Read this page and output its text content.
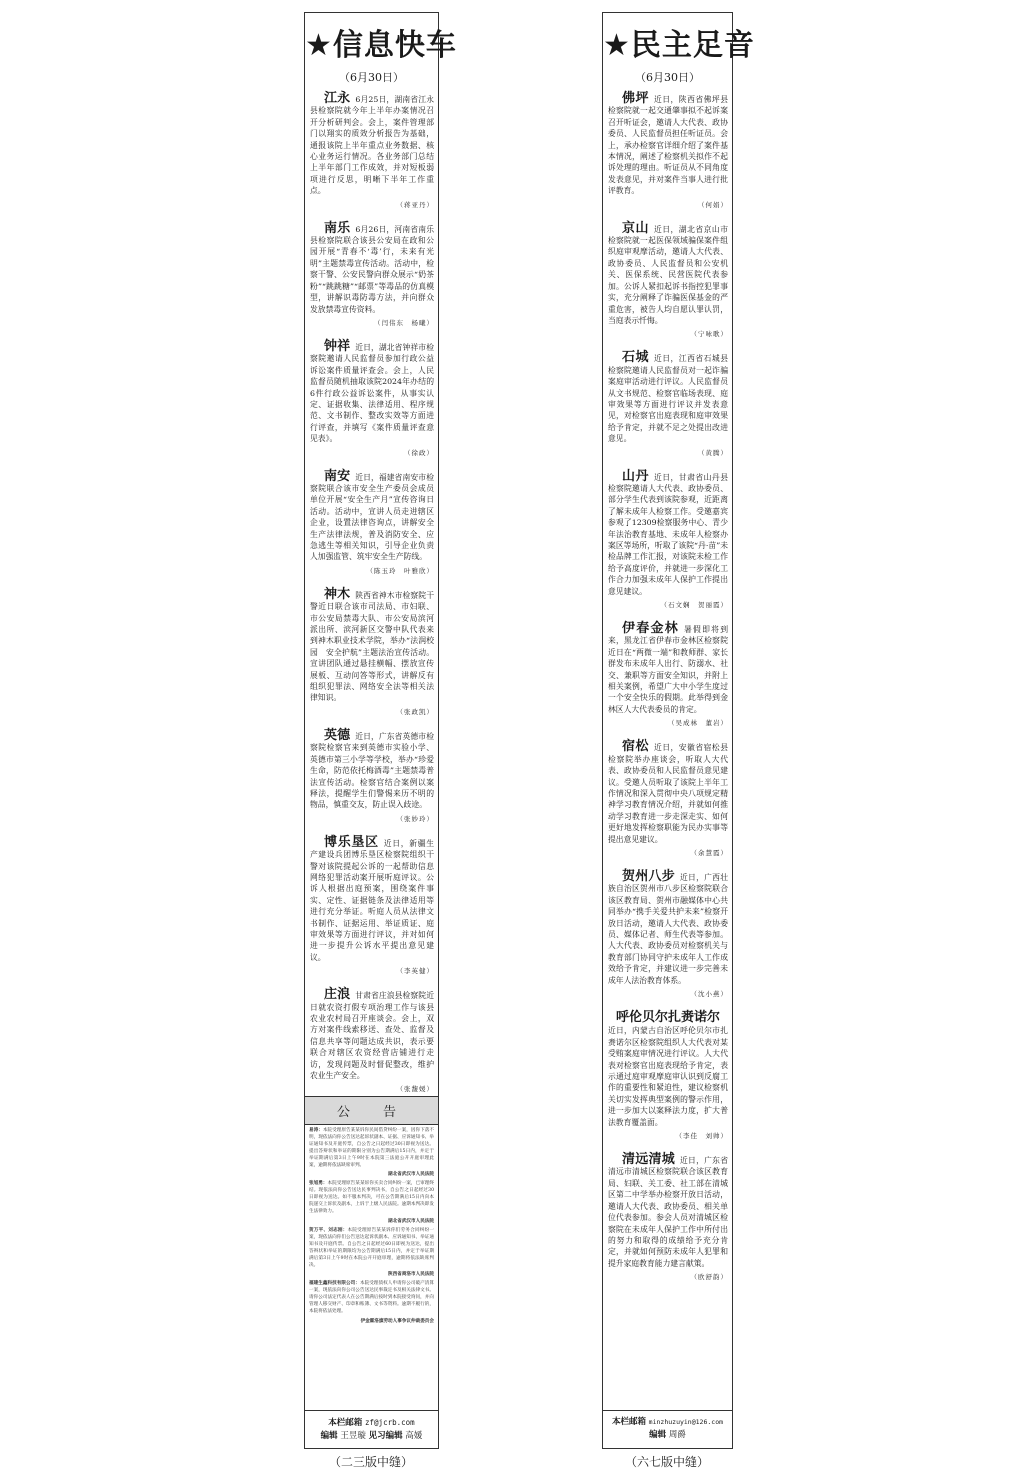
★信息快车
（6月30日）

江永 6月25日，湖南省江永县检察院就今年上半年办案情况召开分析研判会。会上，案件管理部门以翔实的质效分析报告为基础，通报该院上半年重点业务数据、核心业务运行情况。各业务部门总结上半年部门工作成效，并对短板弱项进行反思，明晰下半年工作重点。

（蒋亚丹）

南乐 6月26日，河南省南乐县检察院联合该县公安局在政和公园开展“青春不‘毒’行，未来有光明”主题禁毒宣传活动。活动中，检察干警、公安民警向群众展示“奶茶粉”“跳跳糖”“邮票”等毒品的仿真模型，讲解识毒防毒方法，并向群众发放禁毒宣传资料。

（闫伟东　杨曦）

钟祥 近日，湖北省钟祥市检察院邀请人民监督员参加行政公益诉讼案件质量评查会。会上，人民监督员随机抽取该院2024年办结的6件行政公益诉讼案件，从事实认定、证据收集、法律适用、程序规范、文书制作、整改实效等方面进行评查，并填写《案件质量评查意见表》。

（徐政）

南安 近日，福建省南安市检察院联合该市安全生产委员会成员单位开展“安全生产月”宣传咨询日活动。活动中，宣讲人员走进辖区企业，设置法律咨询点，讲解安全生产法律法规，普及消防安全、应急逃生等相关知识，引导企业负责人加强监管、筑牢安全生产防线。

（陈玉玲　叶雅欣）

神木 陕西省神木市检察院干警近日联合该市司法局、市妇联、市公安局禁毒大队、市公安局滨河派出所、滨河新区交警中队代表来到神木职业技术学院，举办“法润校园　安全护航”主题法治宣传活动。宣讲团队通过悬挂横幅、摆放宣传展板、互动问答等形式，讲解反有组织犯罪法、网络安全法等相关法律知识。

（张政凯）

英德 近日，广东省英德市检察院检察官来到英德市实验小学、英德市第三小学等学校，举办“珍爱生命，防范依托梅酒毒”主题禁毒普法宣传活动。检察官结合案例以案释法，提醒学生们警惕来历不明的物品，慎重交友，防止误入歧途。

（张妙玲）

博乐垦区 近日，新疆生产建设兵团博乐垦区检察院组织干警对该院提起公诉的一起帮助信息网络犯罪活动案开展听庭评议。公诉人根据出庭预案，围绕案件事实、定性、证据链条及法律适用等进行充分举证。听庭人员从法律文书制作、证据运用、举证质证、庭审效果等方面进行评议，并对如何进一步提升公诉水平提出意见建议。

（李英健）

庄浪 甘肃省庄浪县检察院近日就农资打假专项治理工作与该县农业农村局召开座谈会。会上，双方对案件线索移送、查处、监督及信息共享等问题达成共识，表示要联合对辖区农资经营店铺进行走访，发现问题及时督促整改，维护农业生产安全。

（张馥媛）
公　告

易涛：本院受理原告某某诉你民间借贷纠纷一案，因你下落不明，现依法向你公告送达起诉状副本、证据、应诉通知书、举证通知书及开庭传票，自公告之日起经过30日即视为送达。提出答辩状和举证的期限分别为公告期满后15日内，并定于举证期满后第3日上午9时在本院第三法庭公开开庭审理此案，逾期将依法缺席审判。

湖北省武汉市人民法院

张旭勇：本院受理原告某某诉你买卖合同纠纷一案，已审理终结。现依法向你公告送达民事判决书，自公告之日起经过30日即视为送达。如不服本判决，可在公告期满后15日内向本院递交上诉状及副本，上诉于上级人民法院。逾期本判决即发生法律效力。

湖北省武汉市人民法院

贺万平、刘志刚：本院受理原告某某诉你们劳务合同纠纷一案，现依法向你们公告送达起诉状副本、应诉通知书、举证通知书及开庭传票。自公告之日起经过60日即视为送达，提出答辩状和举证的期限均为公告期满后15日内，并定于举证期满后第3日上午9时在本院公开开庭审理，逾期将依法缺席判决。

陕西省商洛市人民法院

福建生鑫科技有限公司：本院受理债权人申请你公司破产清算一案，现依法向你公司公告送达民事裁定书及相关法律文书。请你公司法定代表人在公告期满后按时到本院接受询问，并向管理人移交财产、印章和账簿、文书等资料。逾期不履行的，本院将依法处理。

伊金霍洛旗劳动人事争议仲裁委员会
本栏邮箱 zf@jcrb.com
编辑 王昱璇 见习编辑 高媛
★民主足音
（6月30日）

佛坪 近日，陕西省佛坪县检察院就一起交通肇事拟不起诉案召开听证会，邀请人大代表、政协委员、人民监督员担任听证员。会上，承办检察官详细介绍了案件基本情况，阐述了检察机关拟作不起诉处理的理由。听证员从不同角度发表意见，并对案件当事人进行批评教育。

（何娟）

京山 近日，湖北省京山市检察院就一起医保领域骗保案件组织庭审观摩活动，邀请人大代表、政协委员、人民监督员和公安机关、医保系统、民营医院代表参加。公诉人紧扣起诉书指控犯罪事实，充分阐释了诈骗医保基金的严重危害，被告人均自愿认罪认罚，当庭表示忏悔。

（宁咏歌）

石城 近日，江西省石城县检察院邀请人民监督员对一起诈骗案庭审活动进行评议。人民监督员从文书规范、检察官临场表现、庭审效果等方面进行评议并发表意见，对检察官出庭表现和庭审效果给予肯定，并就不足之处提出改进意见。

（黄腾）

山丹 近日，甘肃省山丹县检察院邀请人大代表、政协委员、部分学生代表到该院参观，近距离了解未成年人检察工作。受邀嘉宾参观了12309检察服务中心、青少年法治教育基地、未成年人检察办案区等场所，听取了该院“丹·苗”未检品牌工作汇报，对该院未检工作给予高度评价，并就进一步深化工作合力加强未成年人保护工作提出意见建议。

（石文娴　贺丽霞）

伊春金林 暑假即将到来，黑龙江省伊春市金林区检察院近日在“两微一端”和教师群、家长群发布未成年人出行、防溺水、社交、兼职等方面安全知识，并附上相关案例，希望广大中小学生度过一个安全快乐的假期。此举得到金林区人大代表委员的肯定。

（吴成林　董岩）

宿松 近日，安徽省宿松县检察院举办座谈会，听取人大代表、政协委员和人民监督员意见建议。受邀人员听取了该院上半年工作情况和深入贯彻中央八项规定精神学习教育情况介绍，并就如何推动学习教育进一步走深走实、如何更好地发挥检察职能为民办实事等提出意见建议。

（余慧霞）

贺州八步 近日，广西壮族自治区贺州市八步区检察院联合该区教育局、贺州市融媒体中心共同举办“携手关爱共护未来”检察开放日活动，邀请人大代表、政协委员、媒体记者、师生代表等参加。人大代表、政协委员对检察机关与教育部门协同守护未成年人工作成效给予肯定，并建议进一步完善未成年人法治教育体系。

（沈小燕）

呼伦贝尔扎赉诺尔
近日，内蒙古自治区呼伦贝尔市扎赉诺尔区检察院组织人大代表对某受贿案庭审情况进行评议。人大代表对检察官出庭表现给予肯定，表示通过庭审观摩庭审认识到反腐工作的重要性和紧迫性，建议检察机关切实发挥典型案例的警示作用，进一步加大以案释法力度，扩大普法教育覆盖面。

（李佳　刘帅）

清远清城 近日，广东省清远市清城区检察院联合该区教育局、妇联、关工委、社工部在清城区第二中学举办检察开放日活动，邀请人大代表、政协委员、相关单位代表参加。参会人员对清城区检察院在未成年人保护工作中所付出的努力和取得的成绩给予充分肯定，并就如何预防未成年人犯罪和提升家庭教育能力建言献策。

（欧舒韵）
本栏邮箱 minzhuzuyin@126.com
编辑 周爵
（二三版中缝）	（六七版中缝）
